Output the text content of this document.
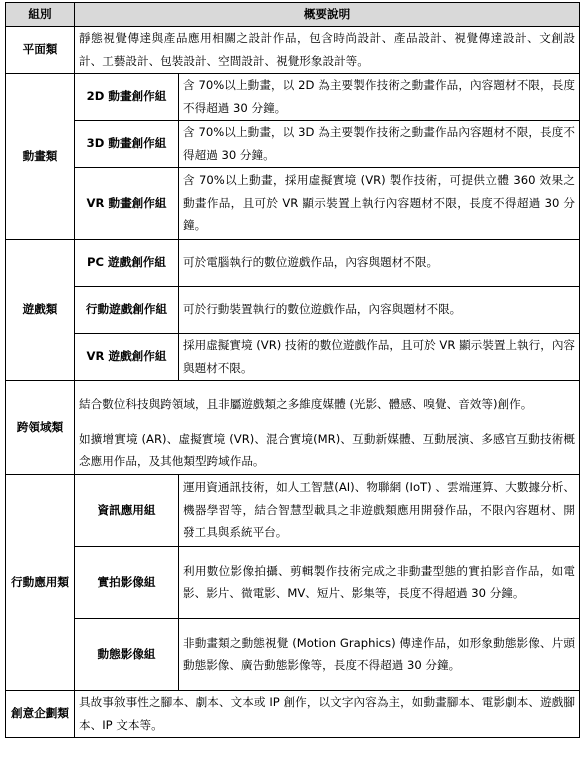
組別	概要說明	
平面類	靜態視覺傳達與產品應用相關之設計作品，包含時尚設計、產品設計、視覺傳達設計、文創設計、工藝設計、包裝設計、空間設計、視覺形象設計等。	
動畫類	2D 動畫創作組	含 70%以上動畫，以 2D 為主要製作技術之動畫作品，內容題材不限，長度不得超過 30 分鐘。
	3D 動畫創作組	含 70%以上動畫，以 3D 為主要製作技術之動畫作品內容題材不限，長度不得超過 30 分鐘。
	VR 動畫創作組	含 70%以上動畫，採用虛擬實境 (VR) 製作技術，可提供立體 360 效果之動畫作品，且可於 VR 顯示裝置上執行內容題材不限，長度不得超過 30 分鐘。
遊戲類	PC 遊戲創作組	可於電腦執行的數位遊戲作品，內容與題材不限。
	行動遊戲創作組	可於行動裝置執行的數位遊戲作品，內容與題材不限。
	VR 遊戲創作組	採用虛擬實境 (VR) 技術的數位遊戲作品，且可於 VR 顯示裝置上執行，內容與題材不限。
跨領域類	結合數位科技與跨領域，且非屬遊戲類之多維度媒體 (光影、體感、嗅覺、音效等)創作。	
	如擴增實境 (AR)、虛擬實境 (VR)、混合實境(MR)、互動新媒體、互動展演、多感官互動技術概念應用作品，及其他類型跨域作品。	
行動應用類	資訊應用組	運用資通訊技術，如人工智慧(AI)、物聯網 (IoT) 、雲端運算、大數據分析、機器學習等，結合智慧型載具之非遊戲類應用開發作品，不限內容題材、開發工具與系統平台。
	實拍影像組	利用數位影像拍攝、剪輯製作技術完成之非動畫型態的實拍影音作品，如電影、影片、微電影、MV、短片、影集等，長度不得超過 30 分鐘。
	動態影像組	非動畫類之動態視覺 (Motion Graphics) 傳達作品，如形象動態影像、片頭動態影像、廣告動態影像等，長度不得超過 30 分鐘。
創意企劃類	具故事敘事性之腳本、劇本、文本或 IP 創作，以文字內容為主，如動畫腳本、電影劇本、遊戲腳本、IP 文本等。	
